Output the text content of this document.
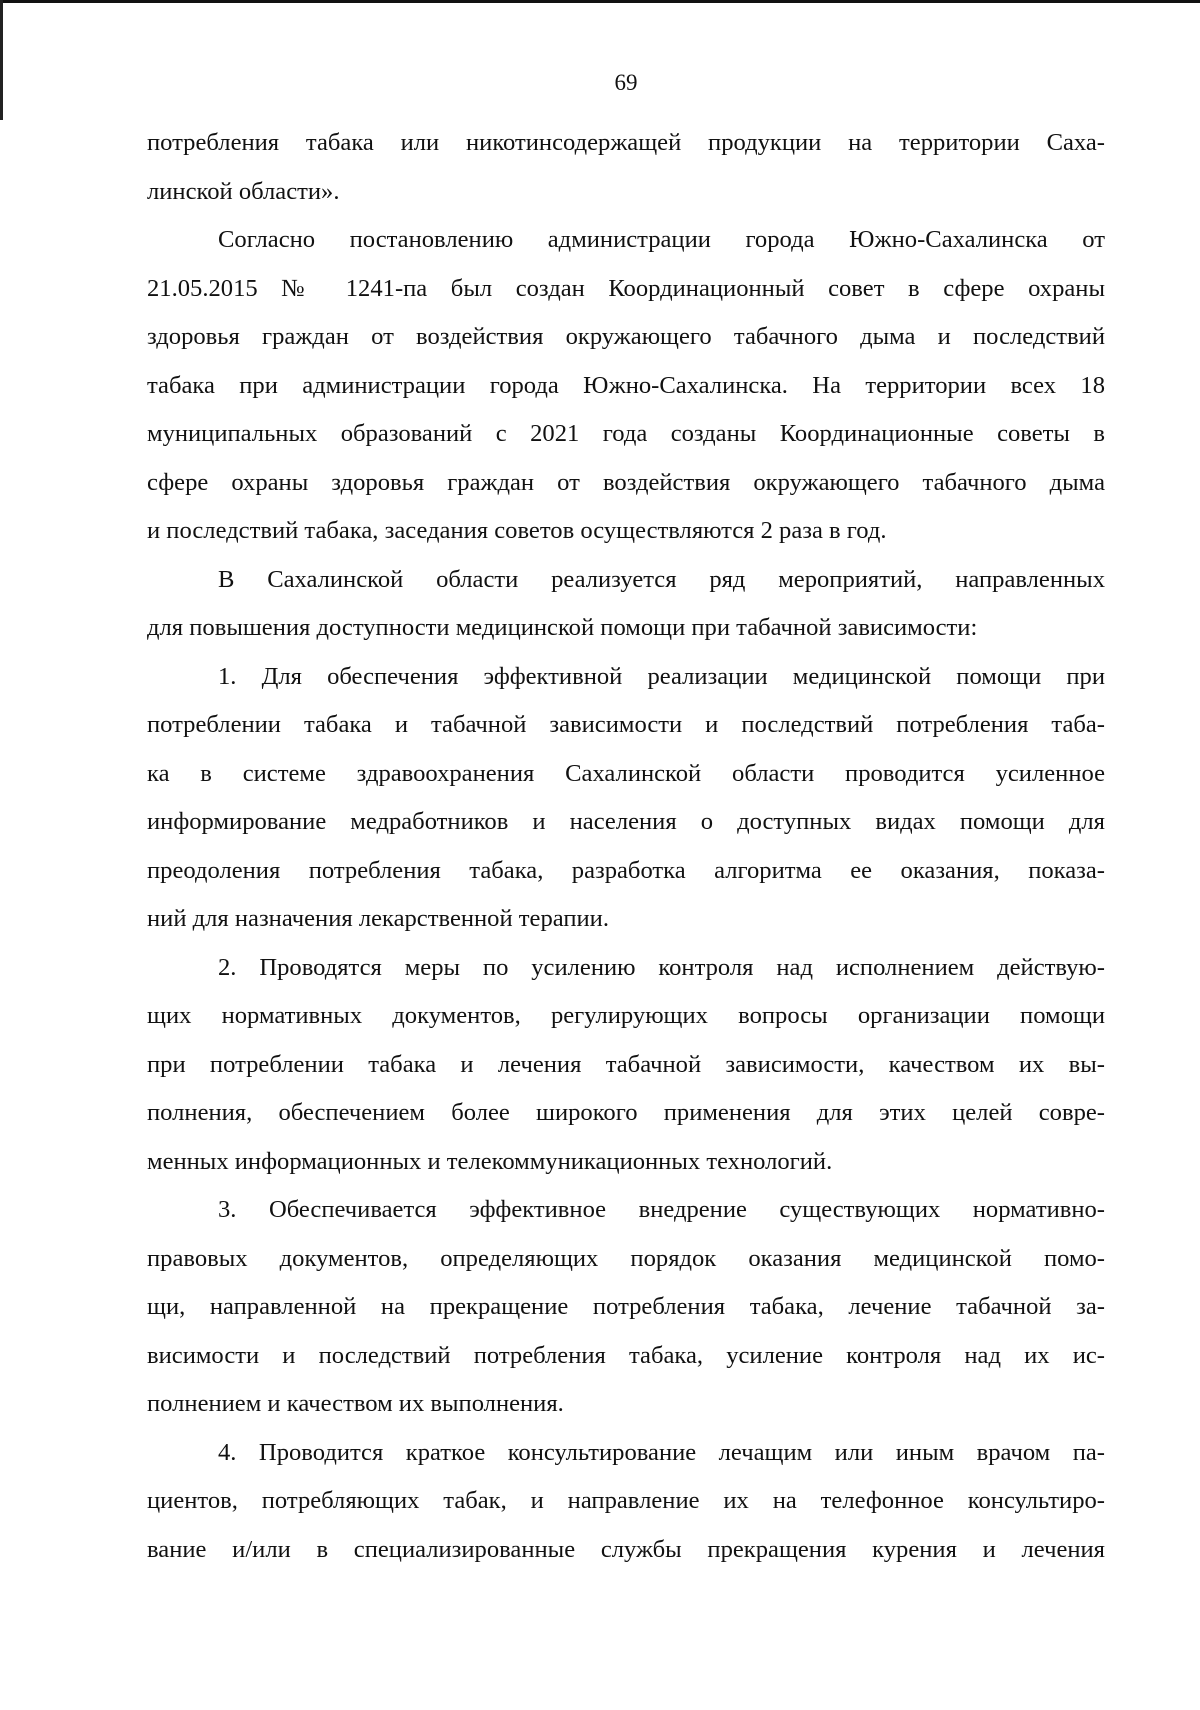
69

потребления табака или никотинсодержащей продукции на территории Саха-

линской области».

Согласно постановлению администрации города Южно-Сахалинска от

21.05.2015 № 1241-па был создан Координационный совет в сфере охраны

здоровья граждан от воздействия окружающего табачного дыма и последствий

табака при администрации города Южно-Сахалинска. На территории всех 18

муниципальных образований с 2021 года созданы Координационные советы в

сфере охраны здоровья граждан от воздействия окружающего табачного дыма

и последствий табака, заседания советов осуществляются 2 раза в год.

В Сахалинской области реализуется ряд мероприятий, направленных

для повышения доступности медицинской помощи при табачной зависимости:

1. Для обеспечения эффективной реализации медицинской помощи при

потреблении табака и табачной зависимости и последствий потребления таба-

ка в системе здравоохранения Сахалинской области проводится усиленное

информирование медработников и населения о доступных видах помощи для

преодоления потребления табака, разработка алгоритма ее оказания, показа-

ний для назначения лекарственной терапии.

2. Проводятся меры по усилению контроля над исполнением действую-

щих нормативных документов, регулирующих вопросы организации помощи

при потреблении табака и лечения табачной зависимости, качеством их вы-

полнения, обеспечением более широкого применения для этих целей совре-

менных информационных и телекоммуникационных технологий.

3. Обеспечивается эффективное внедрение существующих нормативно-

правовых документов, определяющих порядок оказания медицинской помо-

щи, направленной на прекращение потребления табака, лечение табачной за-

висимости и последствий потребления табака, усиление контроля над их ис-

полнением и качеством их выполнения.

4. Проводится краткое консультирование лечащим или иным врачом па-

циентов, потребляющих табак, и направление их на телефонное консультиро-

вание и/или в специализированные службы прекращения курения и лечения
